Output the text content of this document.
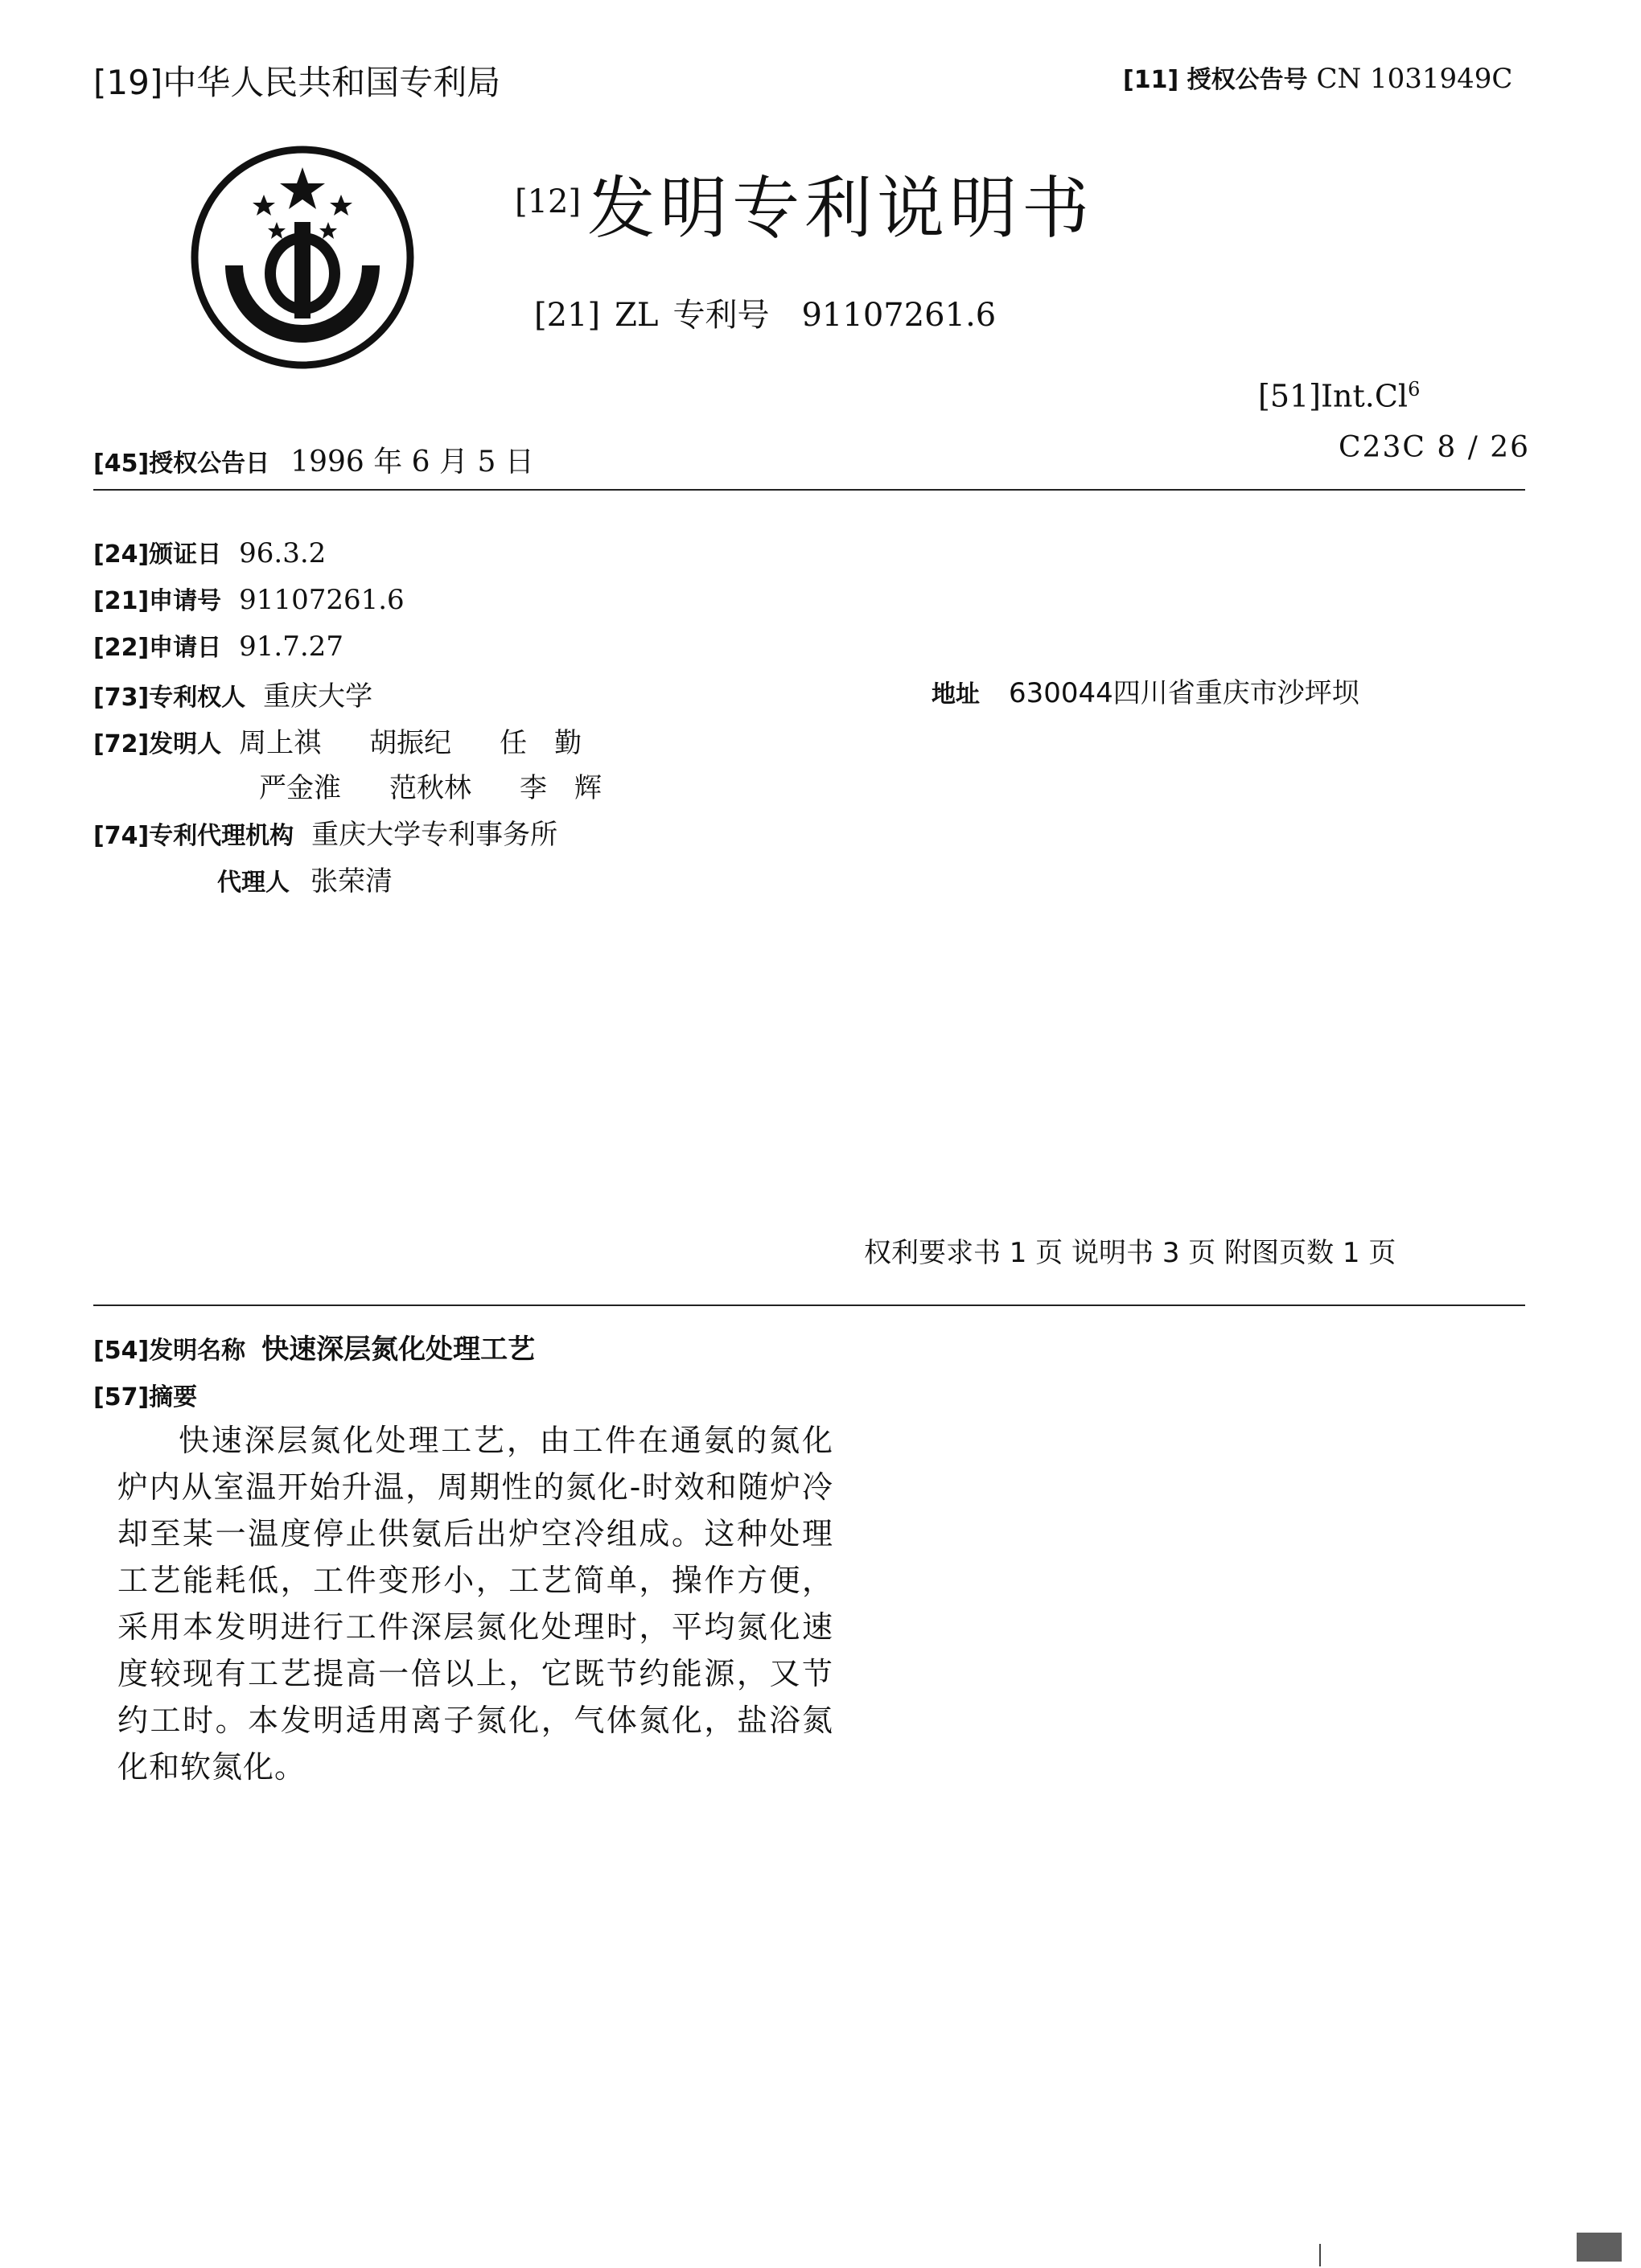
[19]中华人民共和国专利局	[11] 授权公告号 CN 1031949C
[12]发明专利说明书
[21] ZL 专利号 91107261.6
[51]Int.Cl$^6$
C23C 8 / 26
[45]授权公告日 1996 年 6 月 5 日
[24]颁证日 96.3.2
[21]申请号 91107261.6
[22]申请日 91.7.27
[73]专利权人 重庆大学	地址 630044四川省重庆市沙坪坝
[72]发明人 周上祺 胡振纪 任　勤
严金淮 范秋林 李　辉
[74]专利代理机构 重庆大学专利事务所
代理人 张荣清
权利要求书 1 页 说明书 3 页 附图页数 1 页
[54]发明名称 快速深层氮化处理工艺
[57]摘要
快速深层氮化处理工艺，由工件在通氨的氮化炉内从室温开始升温，周期性的氮化-时效和随炉冷却至某一温度停止供氨后出炉空冷组成。这种处理工艺能耗低，工件变形小，工艺简单，操作方便，采用本发明进行工件深层氮化处理时，平均氮化速度较现有工艺提高一倍以上，它既节约能源，又节约工时。本发明适用离子氮化，气体氮化，盐浴氮化和软氮化。
